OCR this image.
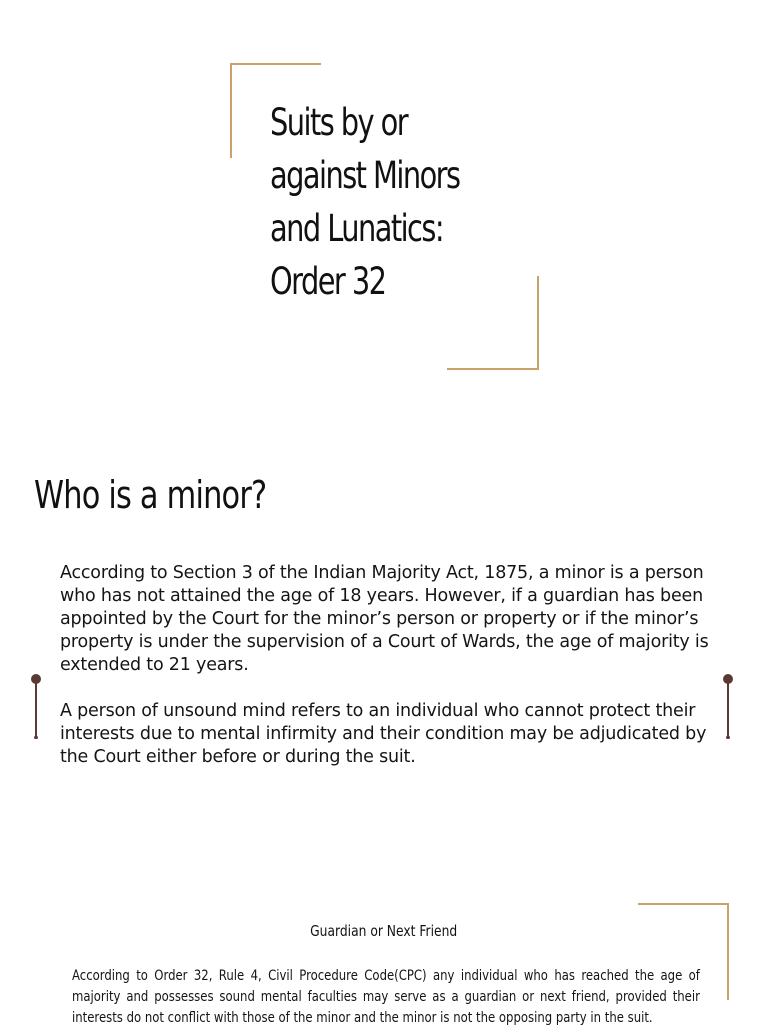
Suits by or
against Minors
and Lunatics:
Order 32
Who is a minor?
According to Section 3 of the Indian Majority Act, 1875, a minor is a person who has not attained the age of 18 years. However, if a guardian has been appointed by the Court for the minor’s person or property or if the minor’s property is under the supervision of a Court of Wards, the age of majority is extended to 21 years.
A person of unsound mind refers to an individual who cannot protect their interests due to mental infirmity and their condition may be adjudicated by the Court either before or during the suit.
Guardian or Next Friend
According to Order 32, Rule 4, Civil Procedure Code(CPC) any individual who has reached the age of majority and possesses sound mental faculties may serve as a guardian or next friend, provided their interests do not conflict with those of the minor and the minor is not the opposing party in the suit.
